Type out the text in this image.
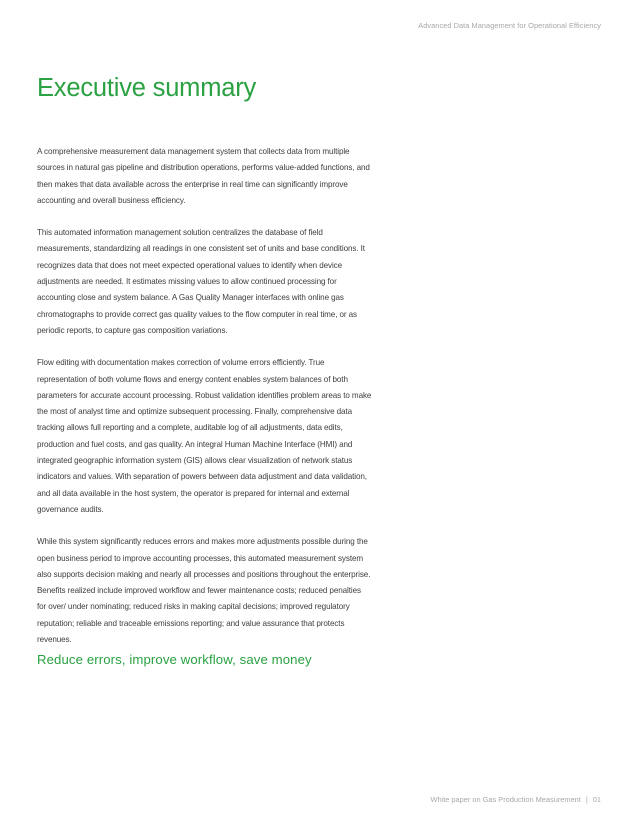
Advanced Data Management for Operational Efficiency
Executive summary

A comprehensive measurement data management system that collects data from multiple sources in natural gas pipeline and distribution operations, performs value-added functions, and then makes that data available across the enterprise in real time can significantly improve accounting and overall business efficiency.

This automated information management solution centralizes the database of field measurements, standardizing all readings in one consistent set of units and base conditions. It recognizes data that does not meet expected operational values to identify when device adjustments are needed. It estimates missing values to allow continued processing for accounting close and system balance. A Gas Quality Manager interfaces with online gas chromatographs to provide correct gas quality values to the flow computer in real time, or as periodic reports, to capture gas composition variations.

Flow editing with documentation makes correction of volume errors efficiently. True representation of both volume flows and energy content enables system balances of both parameters for accurate account processing. Robust validation identifies problem areas to make the most of analyst time and optimize subsequent processing. Finally, comprehensive data tracking allows full reporting and a complete, auditable log of all adjustments, data edits, production and fuel costs, and gas quality. An integral Human Machine Interface (HMI) and integrated geographic information system (GIS) allows clear visualization of network status indicators and values. With separation of powers between data adjustment and data validation, and all data available in the host system, the operator is prepared for internal and external governance audits.

While this system significantly reduces errors and makes more adjustments possible during the open business period to improve accounting processes, this automated measurement system also supports decision making and nearly all processes and positions throughout the enterprise. Benefits realized include improved workflow and fewer maintenance costs; reduced penalties for over/ under nominating; reduced risks in making capital decisions; improved regulatory reputation; reliable and traceable emissions reporting; and value assurance that protects revenues.

Reduce errors, improve workflow, save money
White paper on Gas Production Measurement | 01
